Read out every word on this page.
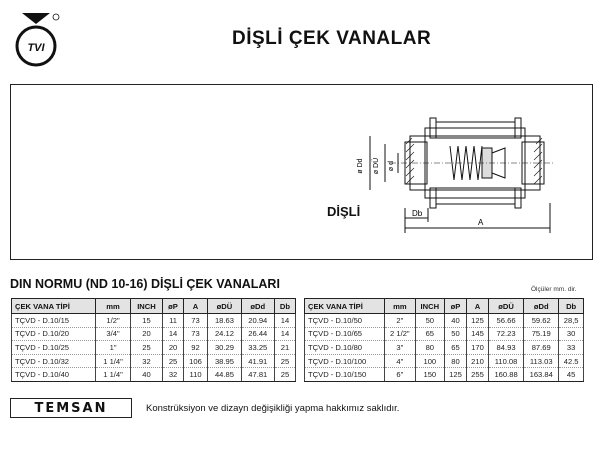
TVI	DİŞLİ ÇEK VANALAR
ø Dd ø DÜ ø d
Db
A
DİŞLİ
DIN NORMU (ND 10-16) DİŞLİ ÇEK VANALARI	Ölçüler mm. dir.
ÇEK VANA TİPİ	mm	INCH	øP	A	øDÜ	øDd	Db
TÇVD - D.10/15	1/2"	15	11	73	18.63	20.94	14
TÇVD - D.10/20	3/4"	20	14	73	24.12	26.44	14
TÇVD - D.10/25	1"	25	20	92	30.29	33.25	21
TÇVD - D.10/32	1 1/4"	32	25	106	38.95	41.91	25
TÇVD - D.10/40	1 1/4"	40	32	110	44.85	47.81	25
ÇEK VANA TİPİ	mm	INCH	øP	A	øDÜ	øDd	Db
TÇVD - D.10/50	2"	50	40	125	56.66	59.62	28,5
TÇVD - D.10/65	2 1/2"	65	50	145	72.23	75.19	30
TÇVD - D.10/80	3"	80	65	170	84.93	87.69	33
TÇVD - D.10/100	4"	100	80	210	110.08	113.03	42.5
TÇVD - D.10/150	6"	150	125	255	160.88	163.84	45
TEMSAN	Konstrüksiyon ve dizayn değişikliği yapma hakkımız saklıdır.
